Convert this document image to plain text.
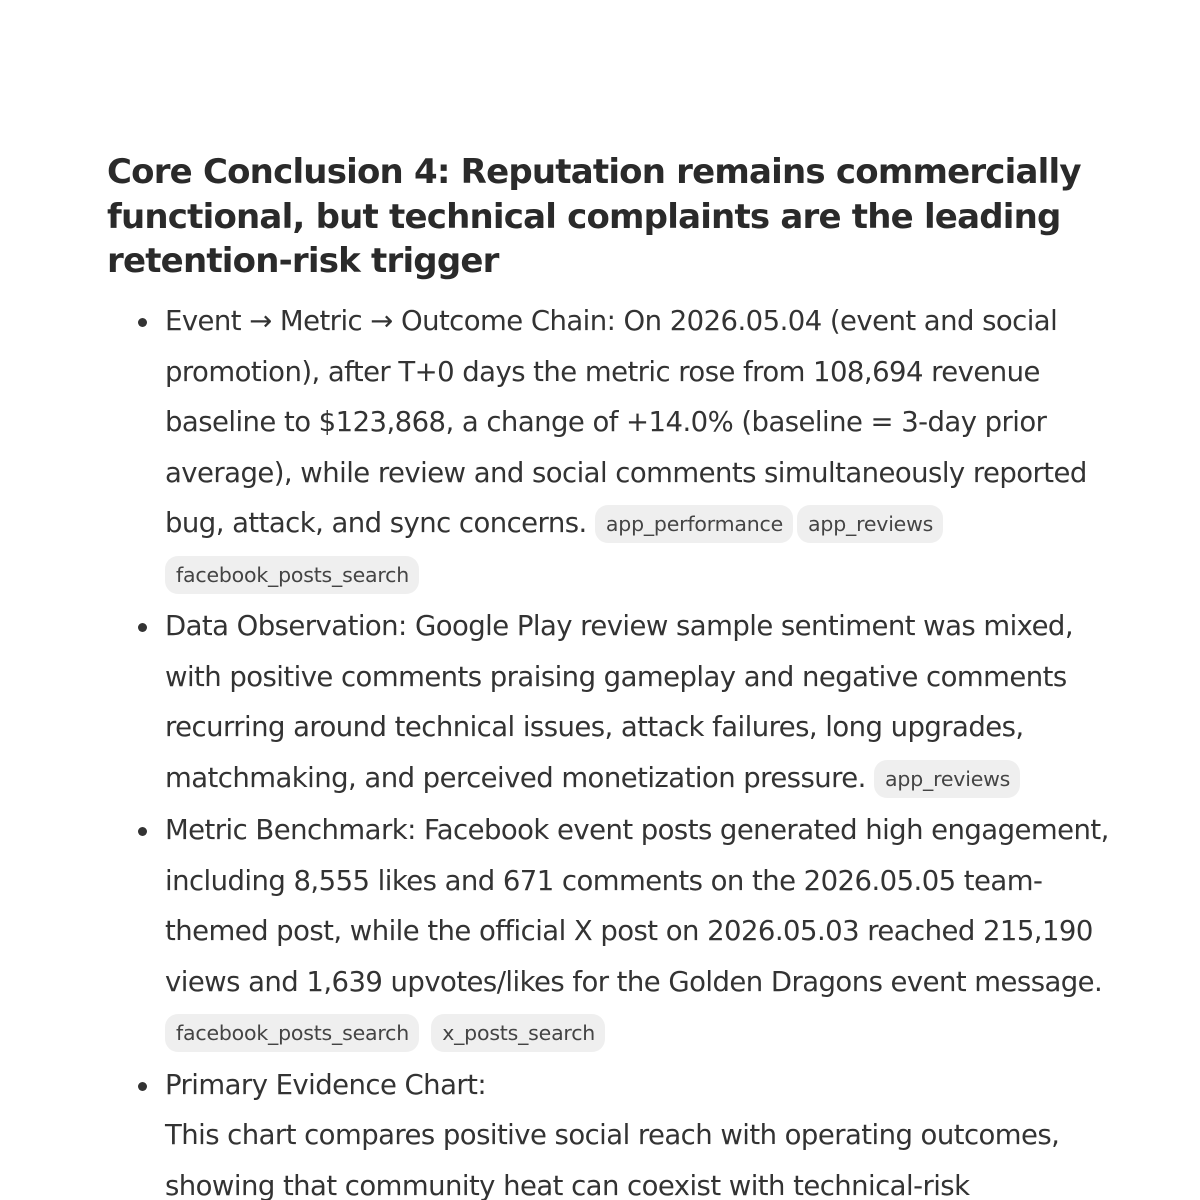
Core Conclusion 4: Reputation remains commercially functional, but technical complaints are the leading retention-risk trigger
Event → Metric → Outcome Chain: On 2026.05.04 (event and social promotion), after T+0 days the metric rose from 108,694 revenue baseline to $123,868, a change of +14.0% (baseline = 3-day prior average), while review and social comments simultaneously reported bug, attack, and sync concerns. app_performance app_reviews facebook_posts_search
Data Observation: Google Play review sample sentiment was mixed, with positive comments praising gameplay and negative comments recurring around technical issues, attack failures, long upgrades, matchmaking, and perceived monetization pressure. app_reviews
Metric Benchmark: Facebook event posts generated high engagement, including 8,555 likes and 671 comments on the 2026.05.05 team-themed post, while the official X post on 2026.05.03 reached 215,190 views and 1,639 upvotes/likes for the Golden Dragons event message. facebook_posts_search x_posts_search
Primary Evidence Chart:
This chart compares positive social reach with operating outcomes, showing that community heat can coexist with technical-risk
